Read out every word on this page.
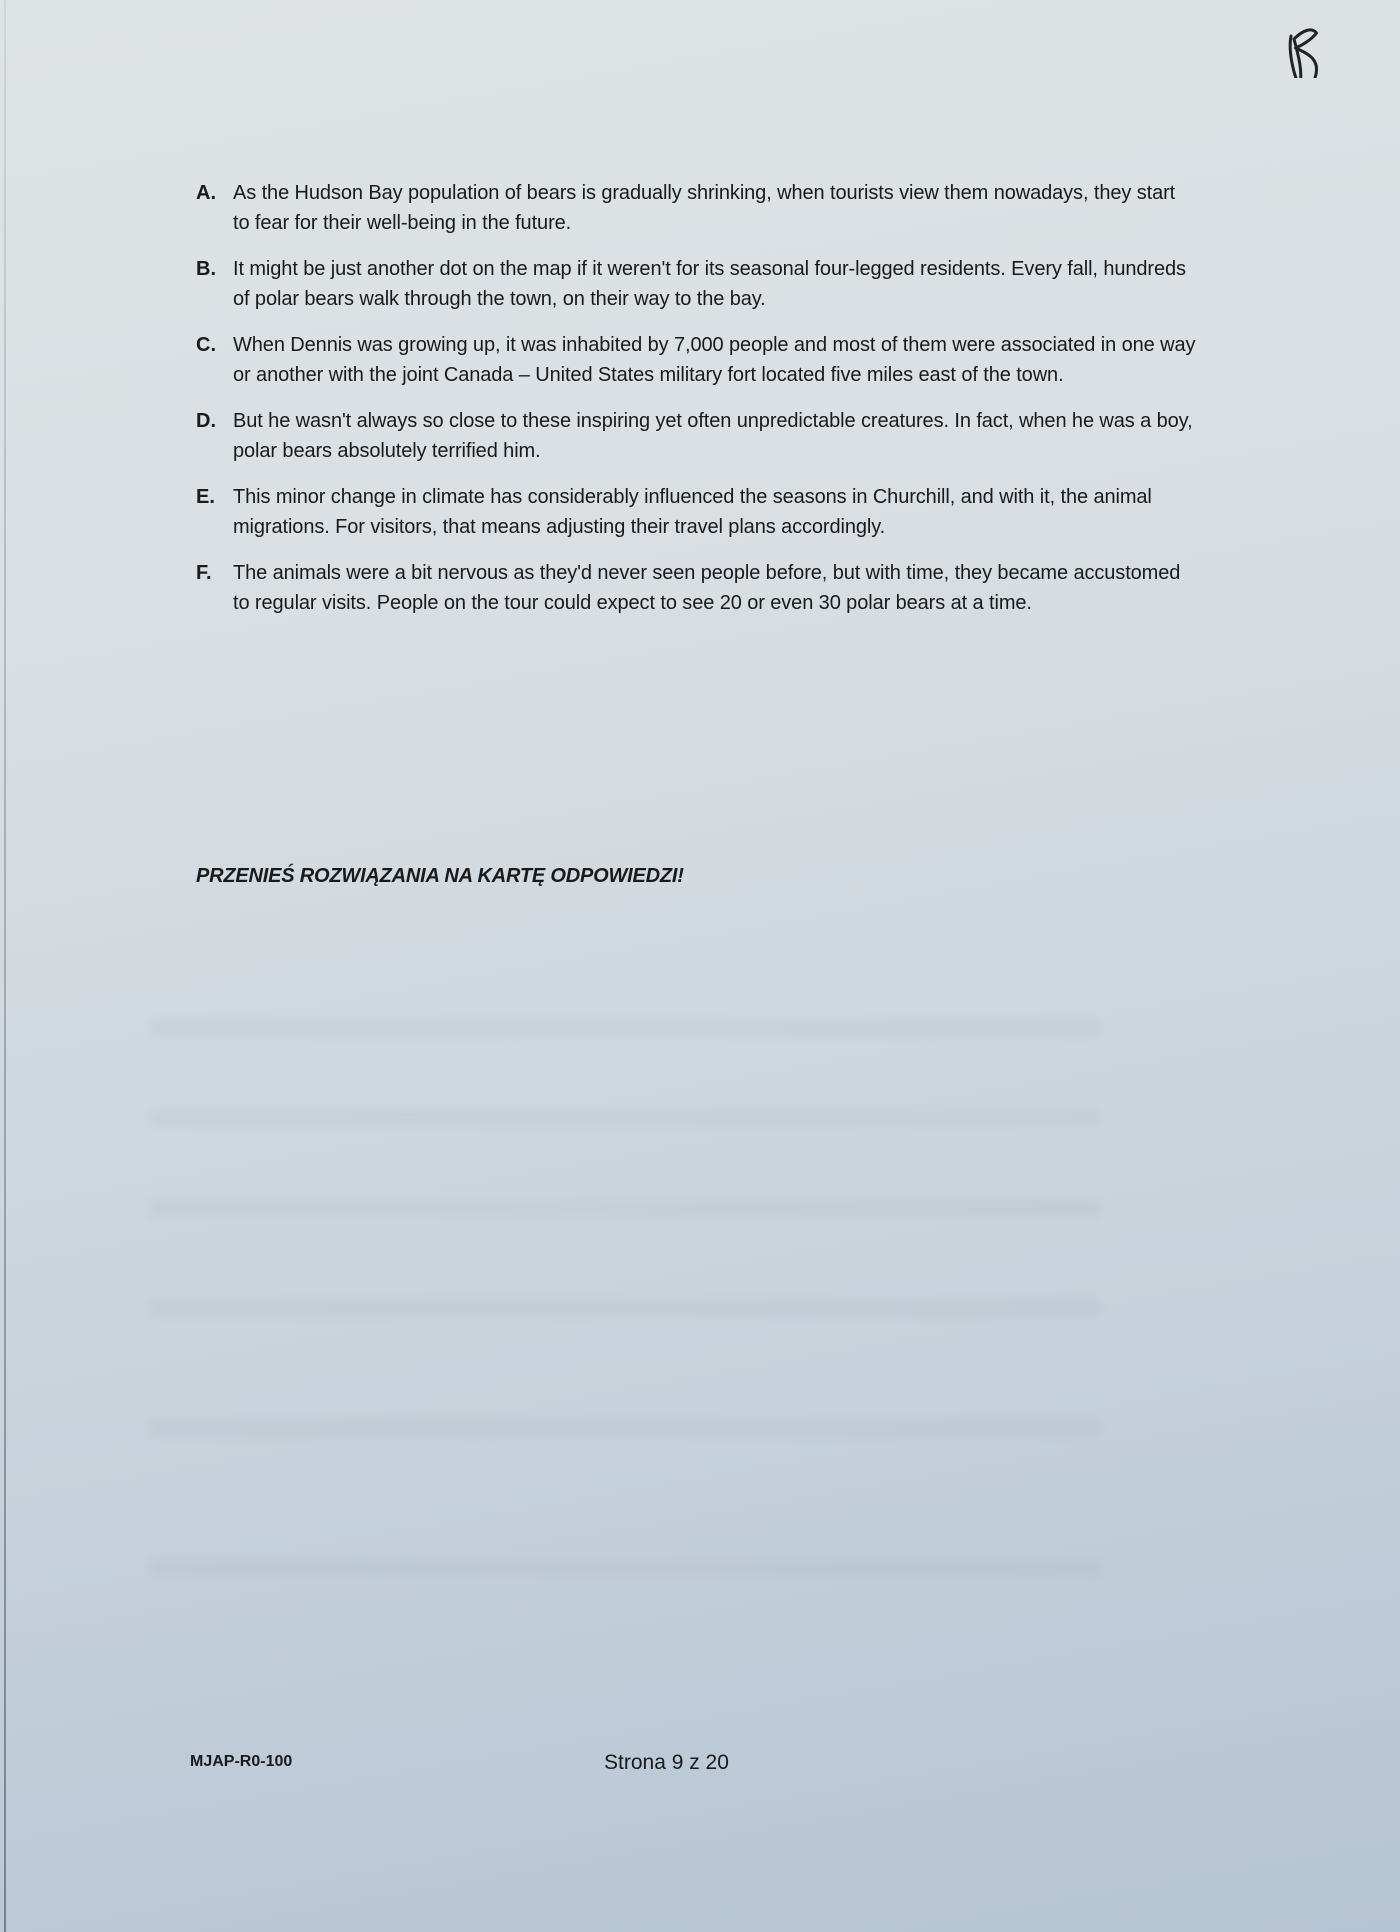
B
A. As the Hudson Bay population of bears is gradually shrinking, when tourists view them nowadays, they start to fear for their well-being in the future.
B. It might be just another dot on the map if it weren't for its seasonal four-legged residents. Every fall, hundreds of polar bears walk through the town, on their way to the bay.
C. When Dennis was growing up, it was inhabited by 7,000 people and most of them were associated in one way or another with the joint Canada – United States military fort located five miles east of the town.
D. But he wasn't always so close to these inspiring yet often unpredictable creatures. In fact, when he was a boy, polar bears absolutely terrified him.
E. This minor change in climate has considerably influenced the seasons in Churchill, and with it, the animal migrations. For visitors, that means adjusting their travel plans accordingly.
F.	The animals were a bit nervous as they'd never seen people before, but with time, they became accustomed to regular visits. People on the tour could expect to see 20 or even 30 polar bears at a time.
PRZENIEŚ ROZWIĄZANIA NA KARTĘ ODPOWIEDZI!
MJAP-R0-100	Strona 9 z 20
